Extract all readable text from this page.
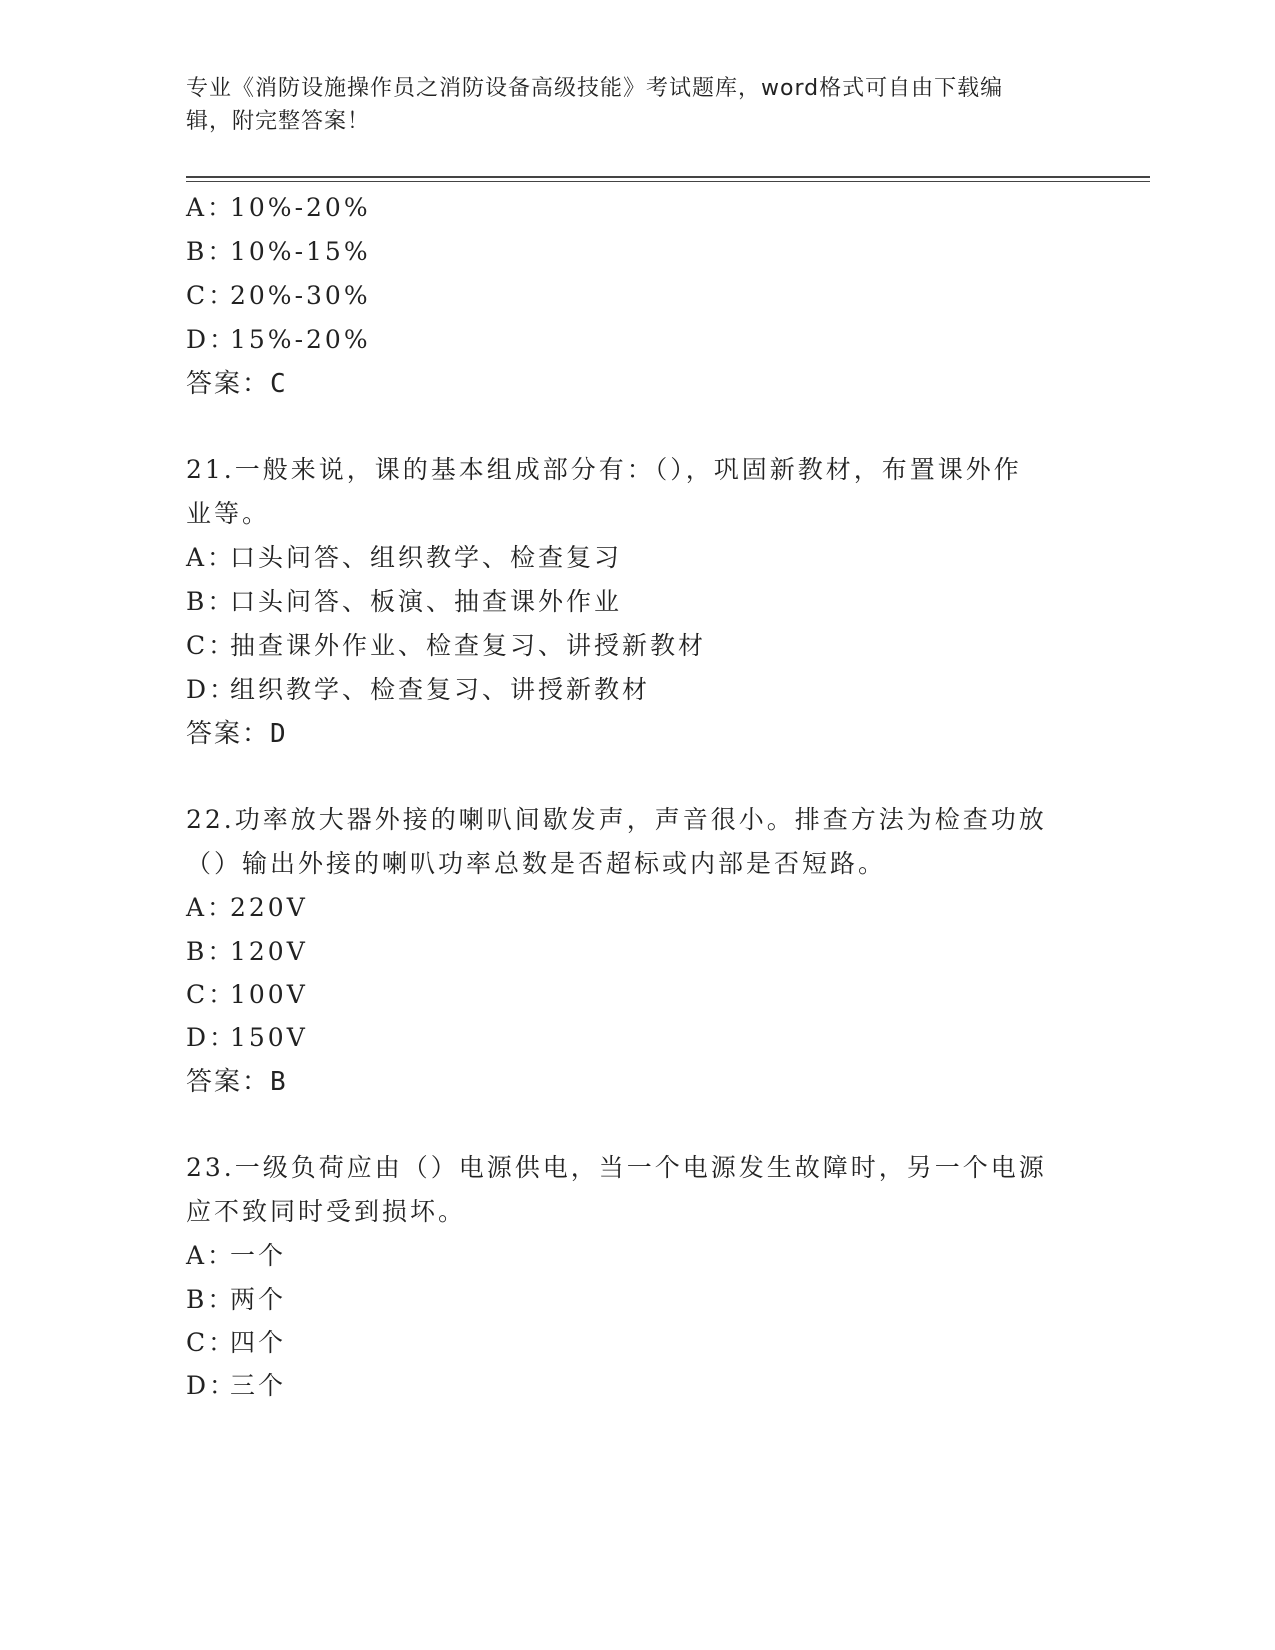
专业《消防设施操作员之消防设备高级技能》考试题库，word格式可自由下载编
辑，附完整答案！
A：10%-20%
B：10%-15%
C：20%-30%
D：15%-20%
答案：C
21.一般来说，课的基本组成部分有：（），巩固新教材，布置课外作
业等。
A：口头问答、组织教学、检查复习
B：口头问答、板演、抽查课外作业
C：抽查课外作业、检查复习、讲授新教材
D：组织教学、检查复习、讲授新教材
答案：D
22.功率放大器外接的喇叭间歇发声，声音很小。排查方法为检查功放
（）输出外接的喇叭功率总数是否超标或内部是否短路。
A：220V
B：120V
C：100V
D：150V
答案：B
23.一级负荷应由（）电源供电，当一个电源发生故障时，另一个电源
应不致同时受到损坏。
A：一个
B：两个
C：四个
D：三个
